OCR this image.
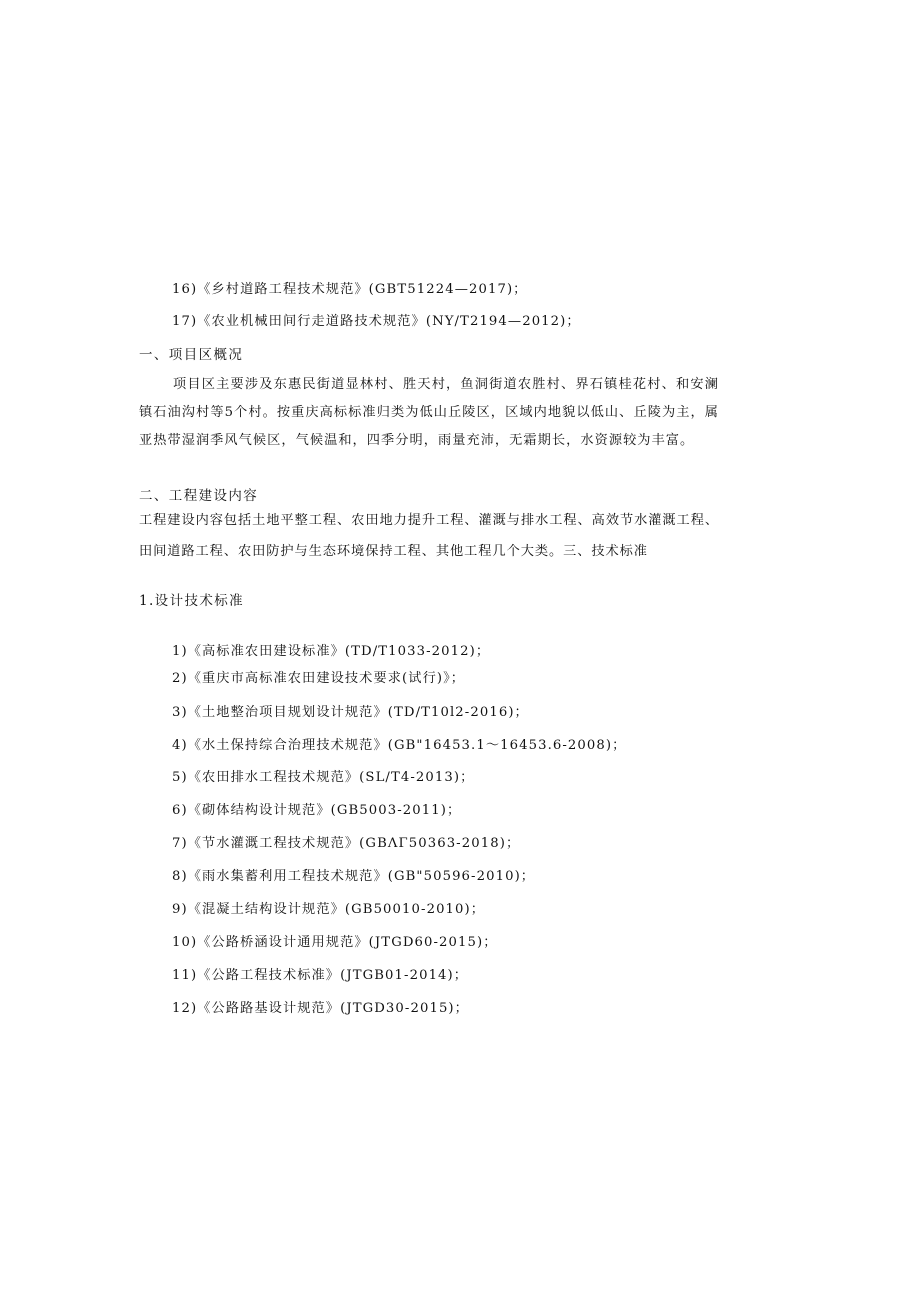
16)《乡村道路工程技术规范》(GBT51224—2017)；
17)《农业机械田间行走道路技术规范》(NY/T2194—2012)；
一、项目区概况
项目区主要涉及东惠民街道显林村、胜天村，鱼洞街道农胜村、界石镇桂花村、和安澜镇石油沟村等5个村。按重庆高标标准归类为低山丘陵区，区域内地貌以低山、丘陵为主，属亚热带湿润季风气候区，气候温和，四季分明，雨量充沛，无霜期长，水资源较为丰富。
二、工程建设内容
工程建设内容包括土地平整工程、农田地力提升工程、灌溉与排水工程、高效节水灌溉工程、田间道路工程、农田防护与生态环境保持工程、其他工程几个大类。三、技术标准
1.设计技术标准
1)《高标准农田建设标准》(TD/T1033-2012)；
2)《重庆市高标准农田建设技术要求(试行)》；
3)《土地整治项目规划设计规范》(TD/T10l2-2016)；
4)《水土保持综合治理技术规范》(GB"16453.1～16453.6-2008)；
5)《农田排水工程技术规范》(SL/T4-2013)；
6)《砌体结构设计规范》(GB5003-2011)；
7)《节水灌溉工程技术规范》(GBΛΓ50363-2018)；
8)《雨水集蓄利用工程技术规范》(GB"50596-2010)；
9)《混凝土结构设计规范》(GB50010-2010)；
10)《公路桥涵设计通用规范》(JTGD60-2015)；
11)《公路工程技术标准》(JTGB01-2014)；
12)《公路路基设计规范》(JTGD30-2015)；
